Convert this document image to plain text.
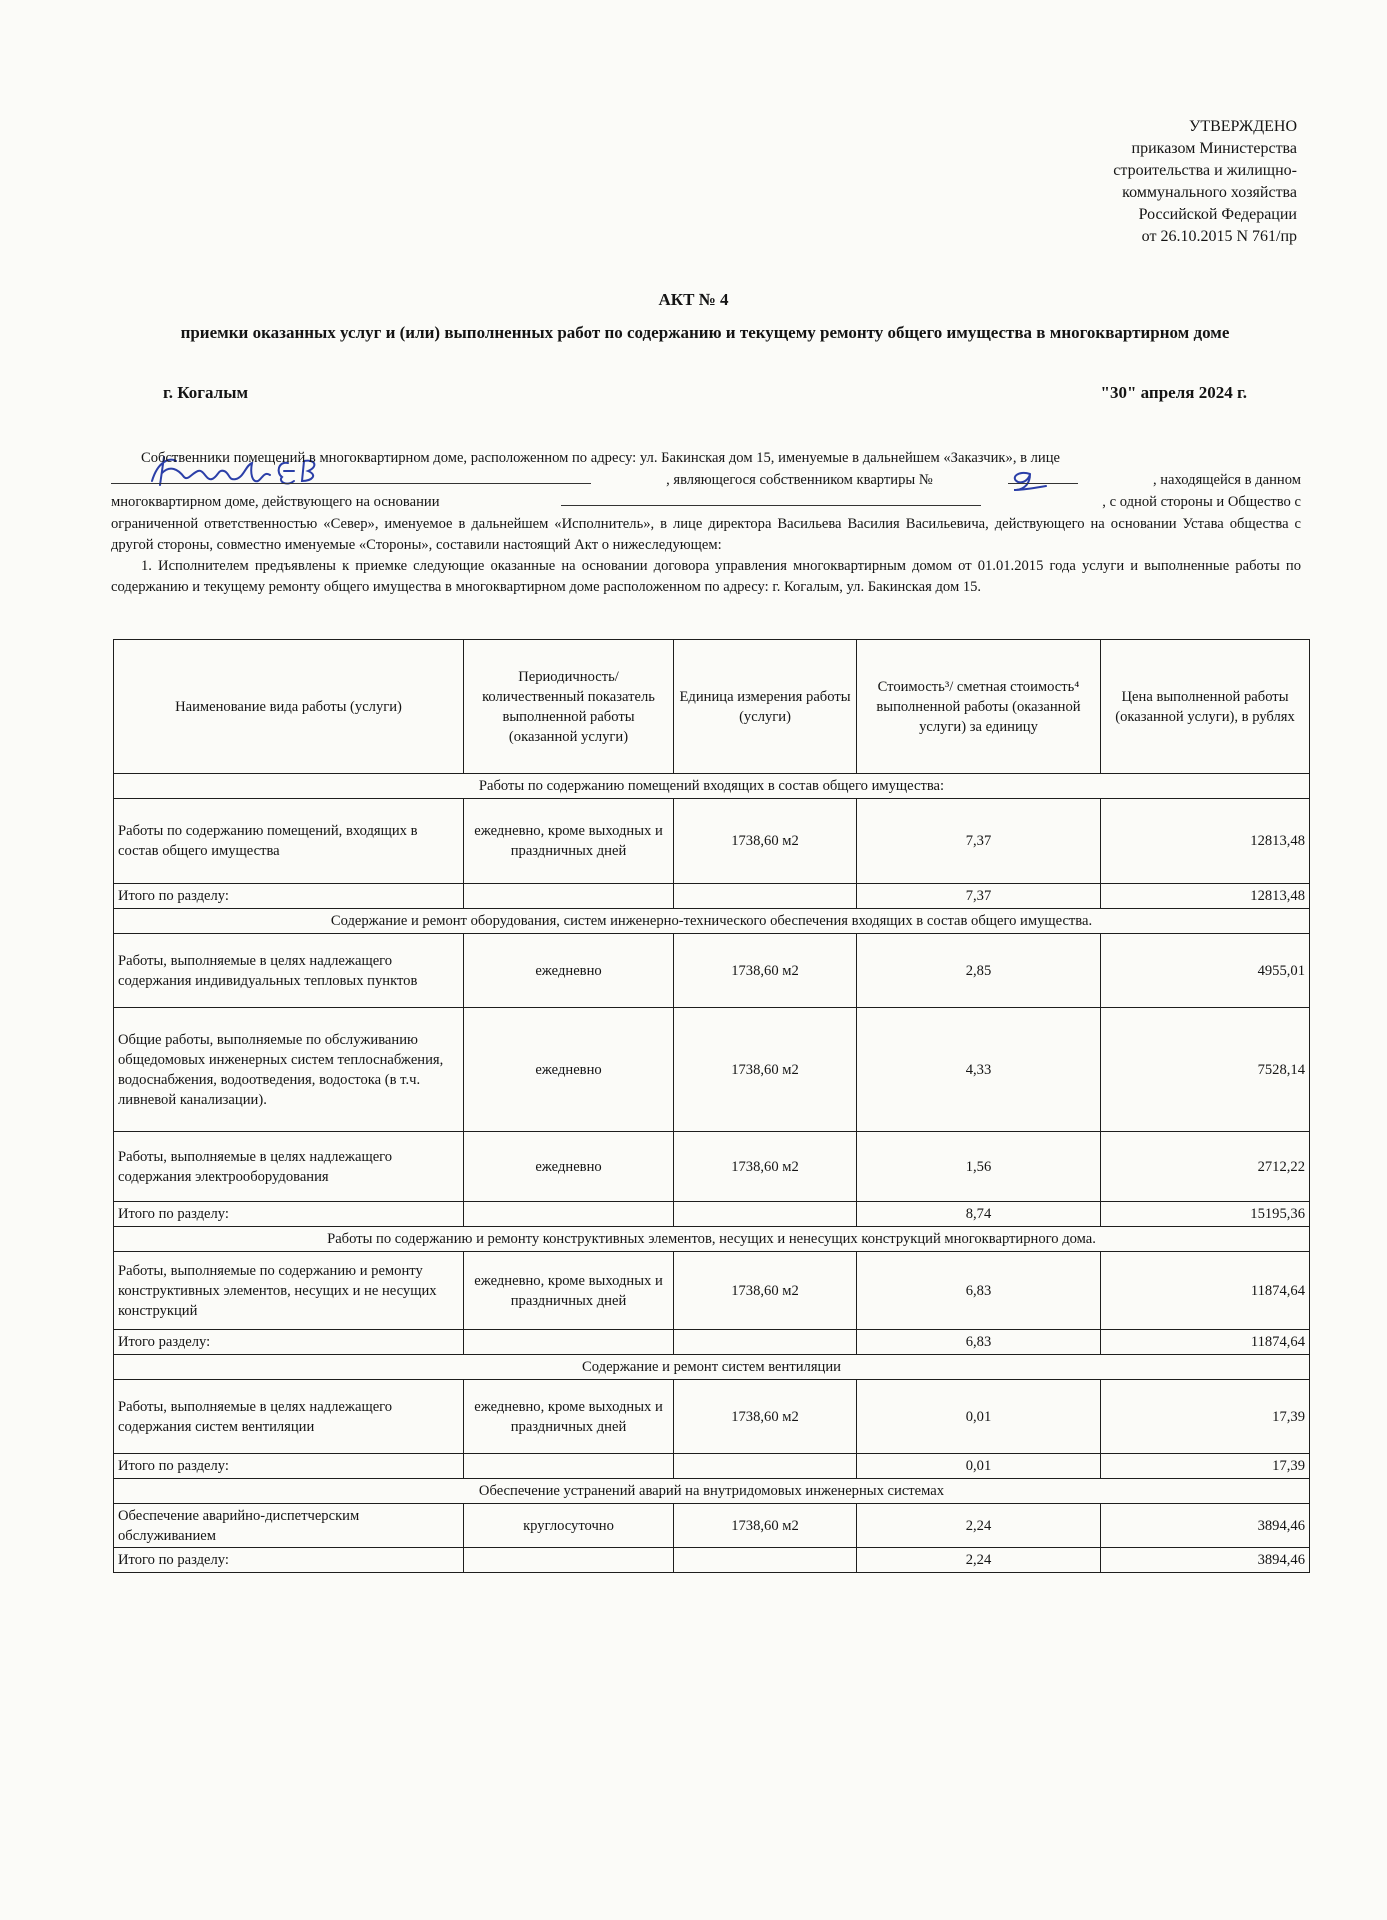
УТВЕРЖДЕНО
приказом Министерства
строительства и жилищно-
коммунального хозяйства
Российской Федерации
от 26.10.2015 N 761/пр
АКТ № 4
приемки оказанных услуг и (или) выполненных работ по содержанию и текущему ремонту общего имущества в многоквартирном доме
г. Когалым	"30" апреля 2024 г.

Собственники помещений в многоквартирном доме, расположенном по адресу: ул. Бакинская дом 15, именуемые в дальнейшем «Заказчик», в лице

, являющегося собственником квартиры №	, находящейся в данном

многоквартирном доме, действующего на основании	, с одной стороны и Общество с

ограниченной ответственностью «Север», именуемое в дальнейшем «Исполнитель», в лице директора Васильева Василия Васильевича, действующего на основании Устава общества с другой стороны, совместно именуемые «Стороны», составили настоящий Акт о нижеследующем:

1. Исполнителем предъявлены к приемке следующие оказанные на основании договора управления многоквартирным домом от 01.01.2015 года услуги и выполненные работы по содержанию и текущему ремонту общего имущества в многоквартирном доме расположенном по адресу: г. Когалым, ул. Бакинская дом 15.

Наименование вида работы (услуги)	Периодичность/ количественный показатель выполненной работы (оказанной услуги)	Единица измерения работы (услуги)	Стоимость³/ сметная стоимость⁴ выполненной работы (оказанной услуги) за единицу	Цена выполненной работы (оказанной услуги), в рублях
Работы по содержанию помещений входящих в состав общего имущества:				
Работы по содержанию помещений, входящих в состав общего имущества	ежедневно, кроме выходных и праздничных дней	1738,60 м2	7,37	12813,48
Итого по разделу:			7,37	12813,48
Содержание и ремонт оборудования, систем инженерно-технического обеспечения входящих в состав общего имущества.				
Работы, выполняемые в целях надлежащего содержания индивидуальных тепловых пунктов	ежедневно	1738,60 м2	2,85	4955,01
Общие работы, выполняемые по обслуживанию общедомовых инженерных систем теплоснабжения, водоснабжения, водоотведения, водостока (в т.ч. ливневой канализации).	ежедневно	1738,60 м2	4,33	7528,14
Работы, выполняемые в целях надлежащего содержания электрооборудования	ежедневно	1738,60 м2	1,56	2712,22
Итого по разделу:			8,74	15195,36
Работы по содержанию и ремонту конструктивных элементов, несущих и ненесущих конструкций многоквартирного дома.				
Работы, выполняемые по содержанию и ремонту конструктивных элементов, несущих и не несущих конструкций	ежедневно, кроме выходных и праздничных дней	1738,60 м2	6,83	11874,64
Итого разделу:			6,83	11874,64
Содержание и ремонт систем вентиляции				
Работы, выполняемые в целях надлежащего содержания систем вентиляции	ежедневно, кроме выходных и праздничных дней	1738,60 м2	0,01	17,39
Итого по разделу:			0,01	17,39
Обеспечение устранений аварий на внутридомовых инженерных системах				
Обеспечение аварийно-диспетчерским обслуживанием	круглосуточно	1738,60 м2	2,24	3894,46
Итого по разделу:			2,24	3894,46
